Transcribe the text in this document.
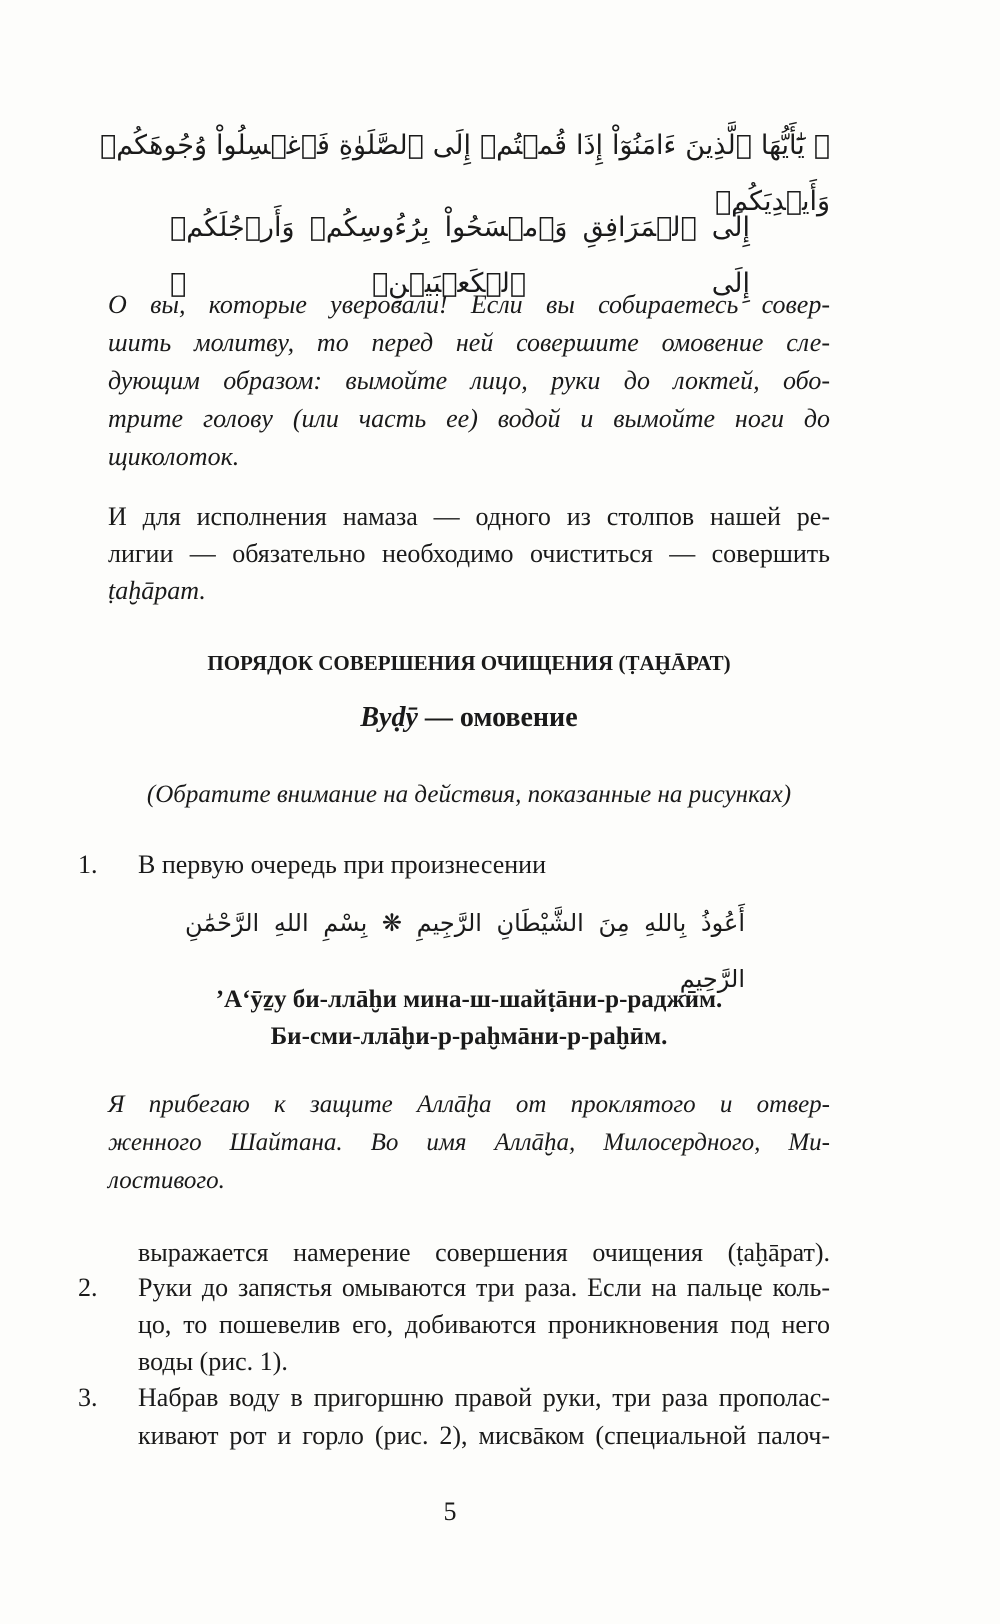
﴿ يَٰٓأَيُّهَا ٱلَّذِينَ ءَامَنُوٓاْ إِذَا قُمۡتُمۡ إِلَى ٱلصَّلَوٰةِ فَٱغۡسِلُواْ وُجُوهَكُمۡ وَأَيۡدِيَكُمۡ
إِلَى ٱلۡمَرَافِقِ وَٱمۡسَحُواْ بِرُءُوسِكُمۡ وَأَرۡجُلَكُمۡ إِلَى ٱلۡكَعۡبَيۡنِۚ ﴾
О вы, которые уверовали! Если вы собираетесь совер-
шить молитву, то перед ней совершите омовение сле-
дующим образом: вымойте лицо, руки до локтей, обо-
трите голову (или часть ее) водой и вымойте ноги до
щиколоток.
И для исполнения намаза — одного из столпов нашей ре-
лигии — обязательно необходимо очиститься — совершить
ṭаḫāрат.
ПОРЯДОК СОВЕРШЕНИЯ ОЧИЩЕНИЯ (ṬАḪĀРАТ)
Вуḍӯ — омовение
(Обратите внимание на действия, показанные на рисунках)
1.	В первую очередь при произнесении
أَعُوذُ بِاللهِ مِنَ الشَّيْطَانِ الرَّجِيمِ ❋ بِسْمِ اللهِ الرَّحْمَٰنِ الرَّحِيمِ
’А‘ӯẕу би-ллāḫи мина-ш-шайṭāни-р-раджӣм.
Би-сми-ллāḫи-р-раḫмāни-р-раḫӣм.
Я прибегаю к защите Аллāḫа от проклятого и отвер-
женного Шайтана. Во имя Аллāḫа, Милосердного, Ми-
лостивого.
выражается намерение совершения очищения (ṭаḫāрат).
2.	Руки до запястья омываются три раза. Если на пальце коль-
цо, то пошевелив его, добиваются проникновения под него
воды (рис. 1).
3.	Набрав воду в пригоршню правой руки, три раза прополас-
кивают рот и горло (рис. 2), мисвāком (специальной палоч-
5
